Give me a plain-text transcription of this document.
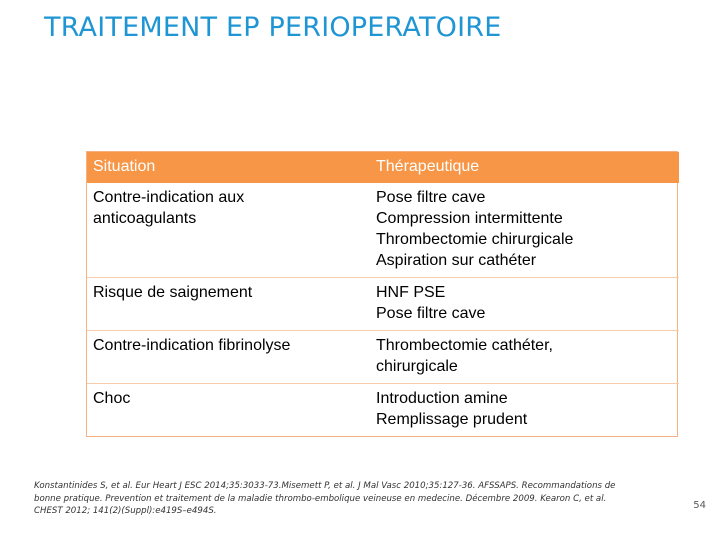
TRAITEMENT EP PERIOPERATOIRE
Situation	Thérapeutique

Contre-indication aux
anticoagulants	Pose filtre cave
Compression intermittente
Thrombectomie chirurgicale
Aspiration sur cathéter

Risque de saignement	HNF PSE
Pose filtre cave

Contre-indication fibrinolyse	Thrombectomie cathéter,
chirurgicale

Choc	Introduction amine
Remplissage prudent
Konstantinides S, et al. Eur Heart J ESC 2014;35:3033-73.Misemett P, et al. J Mal Vasc 2010;35:127-36. AFSSAPS. Recommandations de
bonne pratique. Prevention et traitement de la maladie thrombo-embolique veineuse en medecine. Décembre 2009. Kearon C, et al.
CHEST 2012; 141(2)(Suppl):e419S–e494S.	54
